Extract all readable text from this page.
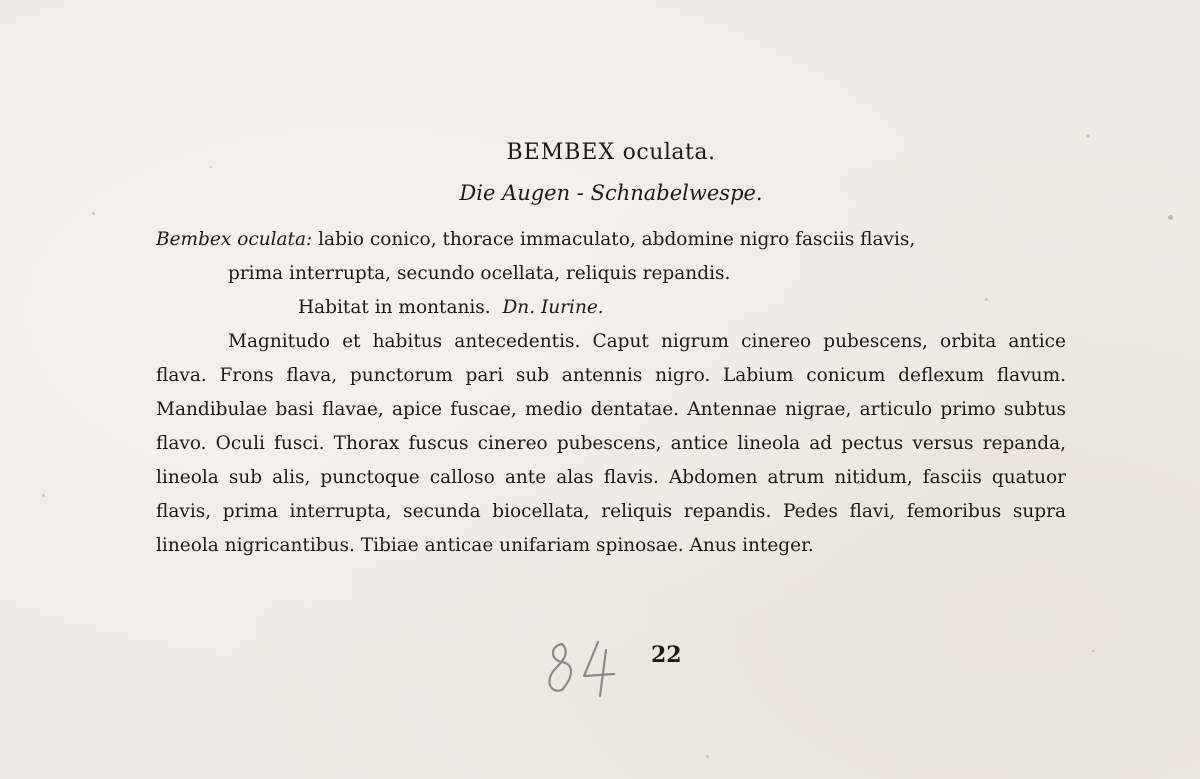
BEMBEX oculata.
Die Augen - Schnabelwespe.

Bembex oculata: labio conico, thorace immaculato, abdomine nigro fasciis flavis,

prima interrupta, secundo ocellata, reliquis repandis.

Habitat in montanis. Dn. Iurine.

Magnitudo et habitus antecedentis. Caput nigrum cinereo pubescens, orbita antice flava. Frons flava, punctorum pari sub antennis nigro. Labium conicum deflexum flavum. Mandibulae basi flavae, apice fuscae, medio dentatae. Antennae nigrae, articulo primo subtus flavo. Oculi fusci. Thorax fuscus cinereo pubescens, antice lineola ad pectus versus repanda, lineola sub alis, punctoque calloso ante alas flavis. Abdomen atrum nitidum, fasciis quatuor flavis, prima interrupta, secunda biocellata, reliquis repandis. Pedes flavi, femoribus supra lineola nigricantibus. Tibiae anticae unifariam spinosae. Anus integer.

22
